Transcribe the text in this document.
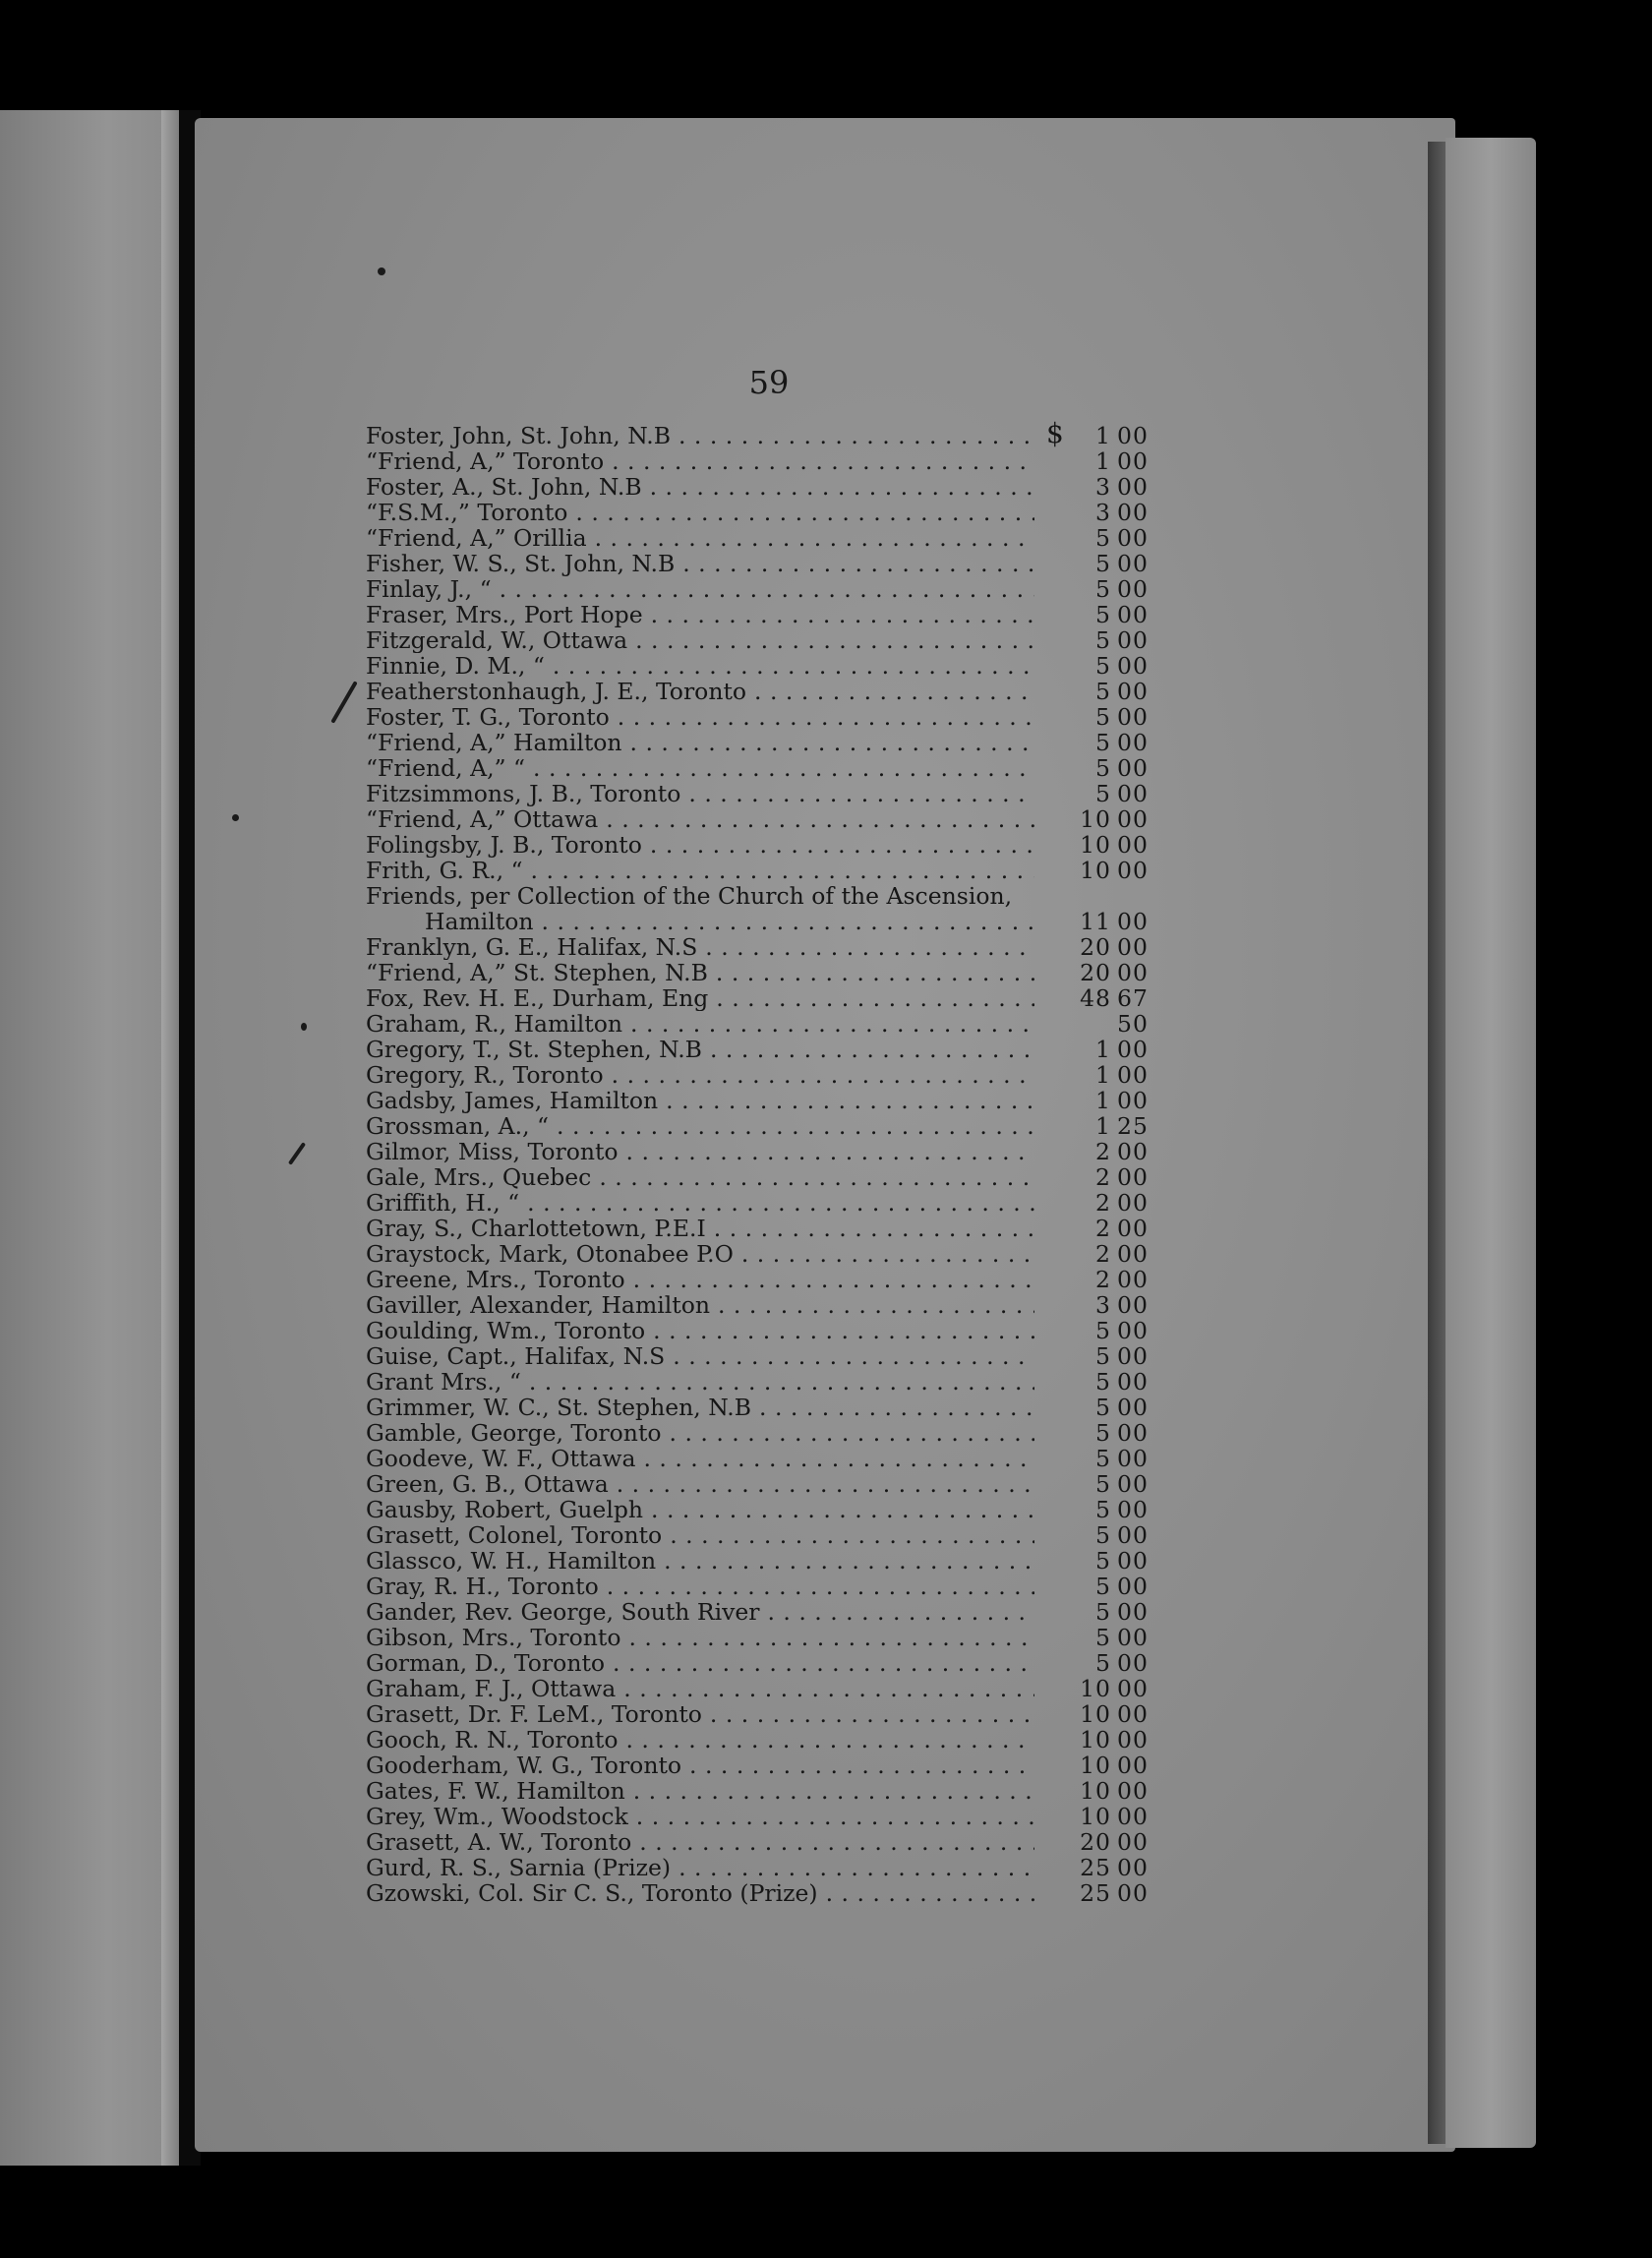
59
Foster, John, St. John, N.B . . .	$	1 00
“Friend, A,” Toronto . . .	1 00
Foster, A., St. John, N.B . . .	3 00
“F.S.M.,” Toronto . . .	3 00
“Friend, A,” Orillia . . .	5 00
Fisher, W. S., St. John, N.B . . .	5 00
Finlay, J., “ . . .	5 00
Fraser, Mrs., Port Hope . . .	5 00
Fitzgerald, W., Ottawa . . .	5 00
Finnie, D. M., “ . . .	5 00
Featherstonhaugh, J. E., Toronto . . .	5 00
Foster, T. G., Toronto . . .	5 00
“Friend, A,” Hamilton . . .	5 00
“Friend, A,” “ . . .	5 00
Fitzsimmons, J. B., Toronto . . .	5 00
“Friend, A,” Ottawa . . .	10 00
Folingsby, J. B., Toronto . . .	10 00
Frith, G. R., “ . . .	10 00
Friends, per Collection of the Church of the Ascension,
Hamilton . . .	11 00
Franklyn, G. E., Halifax, N.S . . .	20 00
“Friend, A,” St. Stephen, N.B . . .	20 00
Fox, Rev. H. E., Durham, Eng . . .	48 67
Graham, R., Hamilton . . .	50
Gregory, T., St. Stephen, N.B . . .	1 00
Gregory, R., Toronto . . .	1 00
Gadsby, James, Hamilton . . .	1 00
Grossman, A., “ . . .	1 25
Gilmor, Miss, Toronto . . .	2 00
Gale, Mrs., Quebec . . .	2 00
Griffith, H., “ . . .	2 00
Gray, S., Charlottetown, P.E.I . . .	2 00
Graystock, Mark, Otonabee P.O . . .	2 00
Greene, Mrs., Toronto . . .	2 00
Gaviller, Alexander, Hamilton . . .	3 00
Goulding, Wm., Toronto . . .	5 00
Guise, Capt., Halifax, N.S . . .	5 00
Grant Mrs., “ . . .	5 00
Grimmer, W. C., St. Stephen, N.B . . .	5 00
Gamble, George, Toronto . . .	5 00
Goodeve, W. F., Ottawa . . .	5 00
Green, G. B., Ottawa . . .	5 00
Gausby, Robert, Guelph . . .	5 00
Grasett, Colonel, Toronto . . .	5 00
Glassco, W. H., Hamilton . . .	5 00
Gray, R. H., Toronto . . .	5 00
Gander, Rev. George, South River . . .	5 00
Gibson, Mrs., Toronto . . .	5 00
Gorman, D., Toronto . . .	5 00
Graham, F. J., Ottawa . . .	10 00
Grasett, Dr. F. LeM., Toronto . . .	10 00
Gooch, R. N., Toronto . . .	10 00
Gooderham, W. G., Toronto . . .	10 00
Gates, F. W., Hamilton . . .	10 00
Grey, Wm., Woodstock . . .	10 00
Grasett, A. W., Toronto . . .	20 00
Gurd, R. S., Sarnia (Prize) . . .	25 00
Gzowski, Col. Sir C. S., Toronto (Prize) . . .	25 00
